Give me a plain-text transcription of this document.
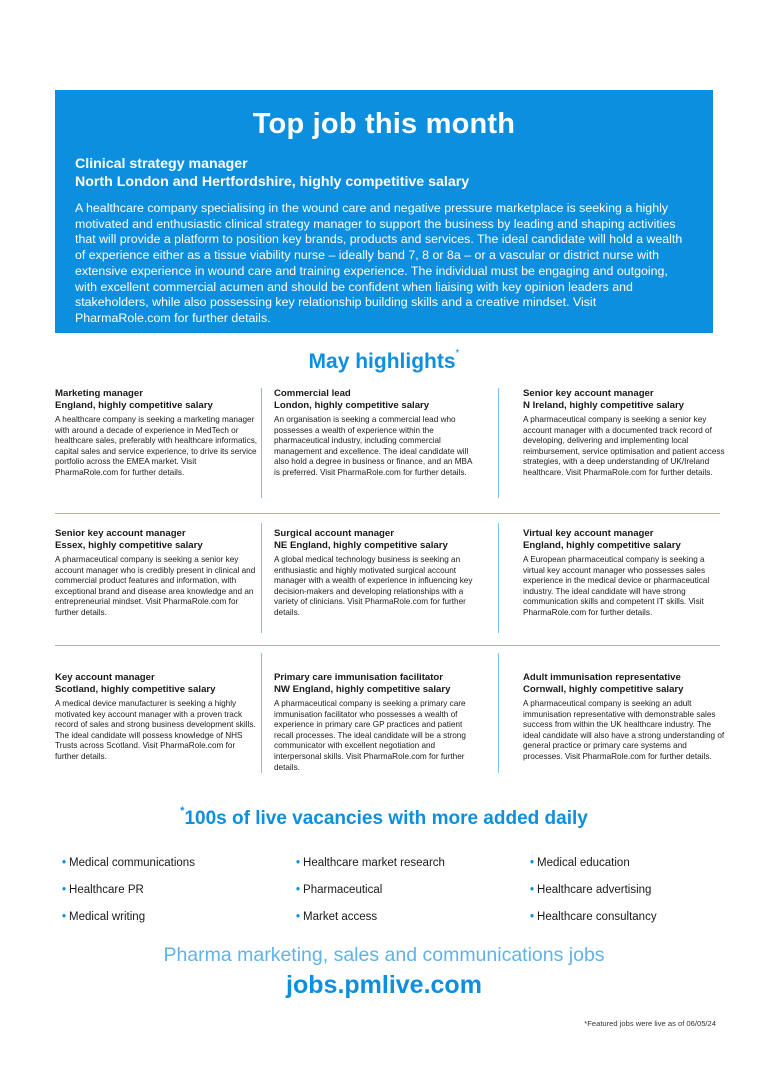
Top job this month
Clinical strategy manager
North London and Hertfordshire, highly competitive salary
A healthcare company specialising in the wound care and negative pressure marketplace is seeking a highly motivated and enthusiastic clinical strategy manager to support the business by leading and shaping activities that will provide a platform to position key brands, products and services. The ideal candidate will hold a wealth of experience either as a tissue viability nurse – ideally band 7, 8 or 8a – or a vascular or district nurse with extensive experience in wound care and training experience. The individual must be engaging and outgoing, with excellent commercial acumen and should be confident when liaising with key opinion leaders and stakeholders, while also possessing key relationship building skills and a creative mindset. Visit PharmaRole.com for further details.
May highlights*
Marketing manager
England, highly competitive salary
A healthcare company is seeking a marketing manager with around a decade of experience in MedTech or healthcare sales, preferably with healthcare informatics, capital sales and service experience, to drive its service portfolio across the EMEA market. Visit PharmaRole.com for further details.
Commercial lead
London, highly competitive salary
An organisation is seeking a commercial lead who possesses a wealth of experience within the pharmaceutical industry, including commercial management and excellence. The ideal candidate will also hold a degree in business or finance, and an MBA is preferred. Visit PharmaRole.com for further details.
Senior key account manager
N Ireland, highly competitive salary
A pharmaceutical company is seeking a senior key account manager with a documented track record of developing, delivering and implementing local reimbursement, service optimisation and patient access strategies, with a deep understanding of UK/Ireland healthcare. Visit PharmaRole.com for further details.
Senior key account manager
Essex, highly competitive salary
A pharmaceutical company is seeking a senior key account manager who is credibly present in clinical and commercial product features and information, with exceptional brand and disease area knowledge and an entrepreneurial mindset. Visit PharmaRole.com for further details.
Surgical account manager
NE England, highly competitive salary
A global medical technology business is seeking an enthusiastic and highly motivated surgical account manager with a wealth of experience in influencing key decision-makers and developing relationships with a variety of clinicians. Visit PharmaRole.com for further details.
Virtual key account manager
England, highly competitive salary
A European pharmaceutical company is seeking a virtual key account manager who possesses sales experience in the medical device or pharmaceutical industry. The ideal candidate will have strong communication skills and competent IT skills. Visit PharmaRole.com for further details.
Key account manager
Scotland, highly competitive salary
A medical device manufacturer is seeking a highly motivated key account manager with a proven track record of sales and strong business development skills. The ideal candidate will possess knowledge of NHS Trusts across Scotland. Visit PharmaRole.com for further details.
Primary care immunisation facilitator
NW England, highly competitive salary
A pharmaceutical company is seeking a primary care immunisation facilitator who possesses a wealth of experience in primary care GP practices and patient recall processes. The ideal candidate will be a strong communicator with excellent negotiation and interpersonal skills. Visit PharmaRole.com for further details.
Adult immunisation representative
Cornwall, highly competitive salary
A pharmaceutical company is seeking an adult immunisation representative with demonstrable sales success from within the UK healthcare industry. The ideal candidate will also have a strong understanding of general practice or primary care systems and processes. Visit PharmaRole.com for further details.
*100s of live vacancies with more added daily
• Medical communications
• Healthcare PR
• Medical writing
• Healthcare market research
• Pharmaceutical
• Market access
• Medical education
• Healthcare advertising
• Healthcare consultancy
Pharma marketing, sales and communications jobs
jobs.pmlive.com
*Featured jobs were live as of 06/05/24
